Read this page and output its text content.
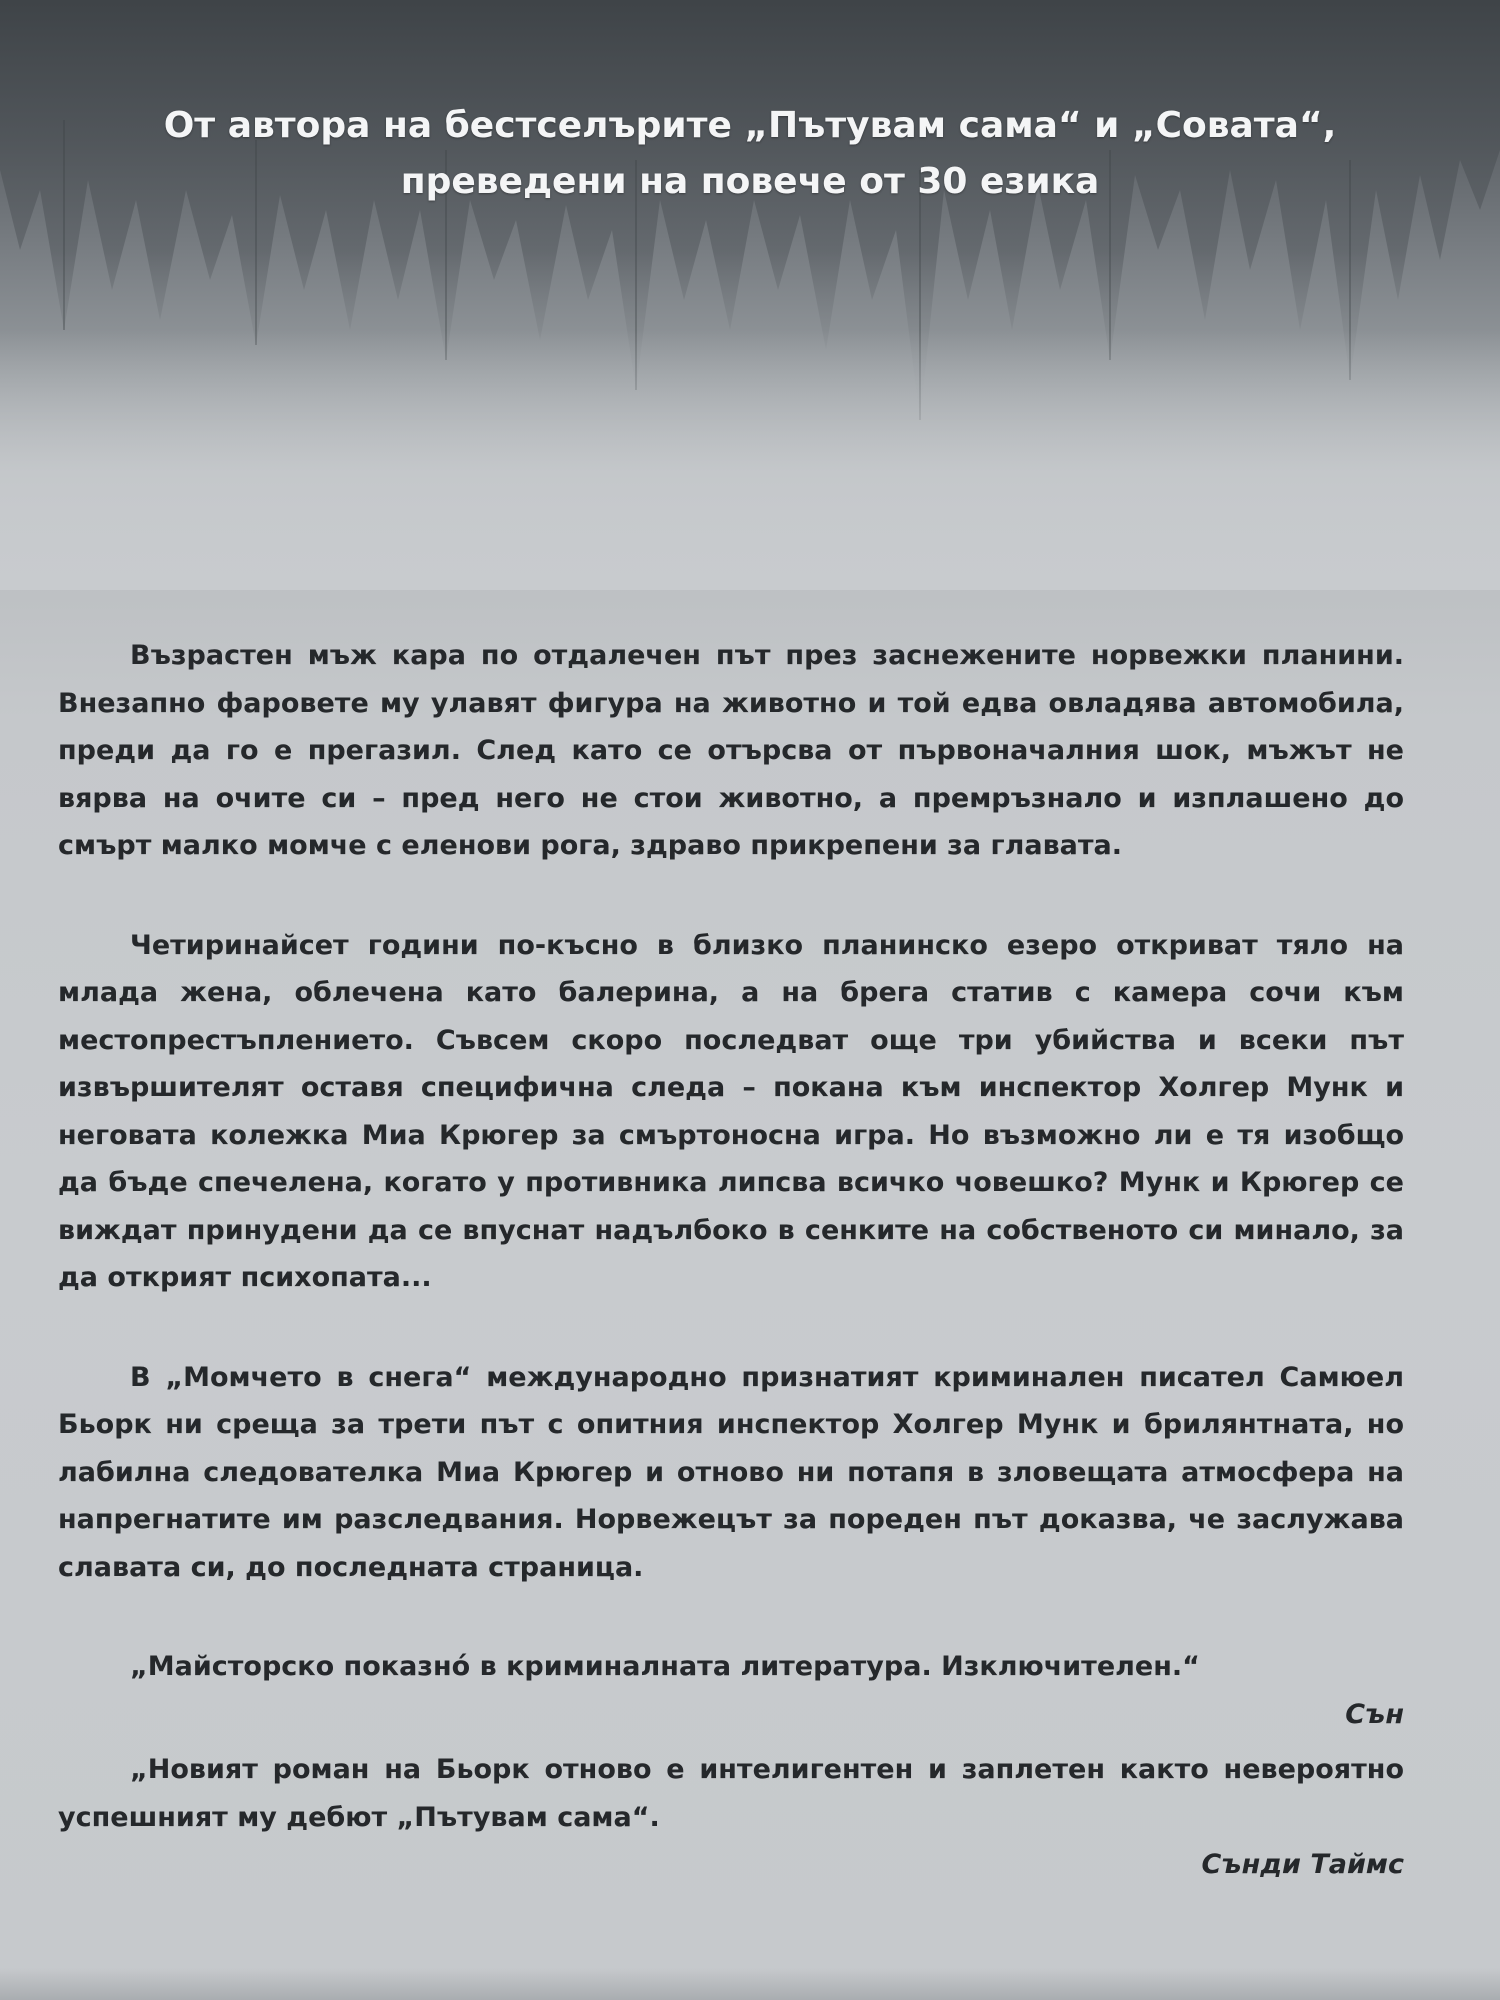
От автора на бестселърите „Пътувам сама“ и „Совата“,
преведени на повече от 30 езика

Възрастен мъж кара по отдалечен път през заснежените норвежки планини. Внезапно фаровете му улавят фигура на животно и той едва овладява автомобила, преди да го е прегазил. След като се отърсва от първоначалния шок, мъжът не вярва на очите си – пред него не стои животно, а премръзнало и изплашено до смърт малко момче с еленови рога, здраво прикрепени за главата.

Четиринайсет години по-късно в близко планинско езеро откриват тяло на млада жена, облечена като балерина, а на брега статив с камера сочи към местопрестъплението. Съвсем скоро последват още три убийства и всеки път извършителят оставя специфична следа – покана към инспектор Холгер Мунк и неговата колежка Миа Крюгер за смъртоносна игра. Но възможно ли е тя изобщо да бъде спечелена, когато у противника липсва всичко човешко? Мунк и Крюгер се виждат принудени да се впуснат надълбоко в сенките на собственото си минало, за да открият психопата...

В „Момчето в снега“ международно признатият криминален писател Самюел Бьорк ни среща за трети път с опитния инспектор Холгер Мунк и брилянтната, но лабилна следователка Миа Крюгер и отново ни потапя в зловещата атмосфера на напрегнатите им разследвания. Норвежецът за пореден път доказва, че заслужава славата си, до последната страница.

„Майсторско показно́ в криминалната литература. Изключителен.“

Сън

„Новият роман на Бьорк отново е интелигентен и заплетен както невероятно успешният му дебют „Пътувам сама“.

Сънди Таймс
